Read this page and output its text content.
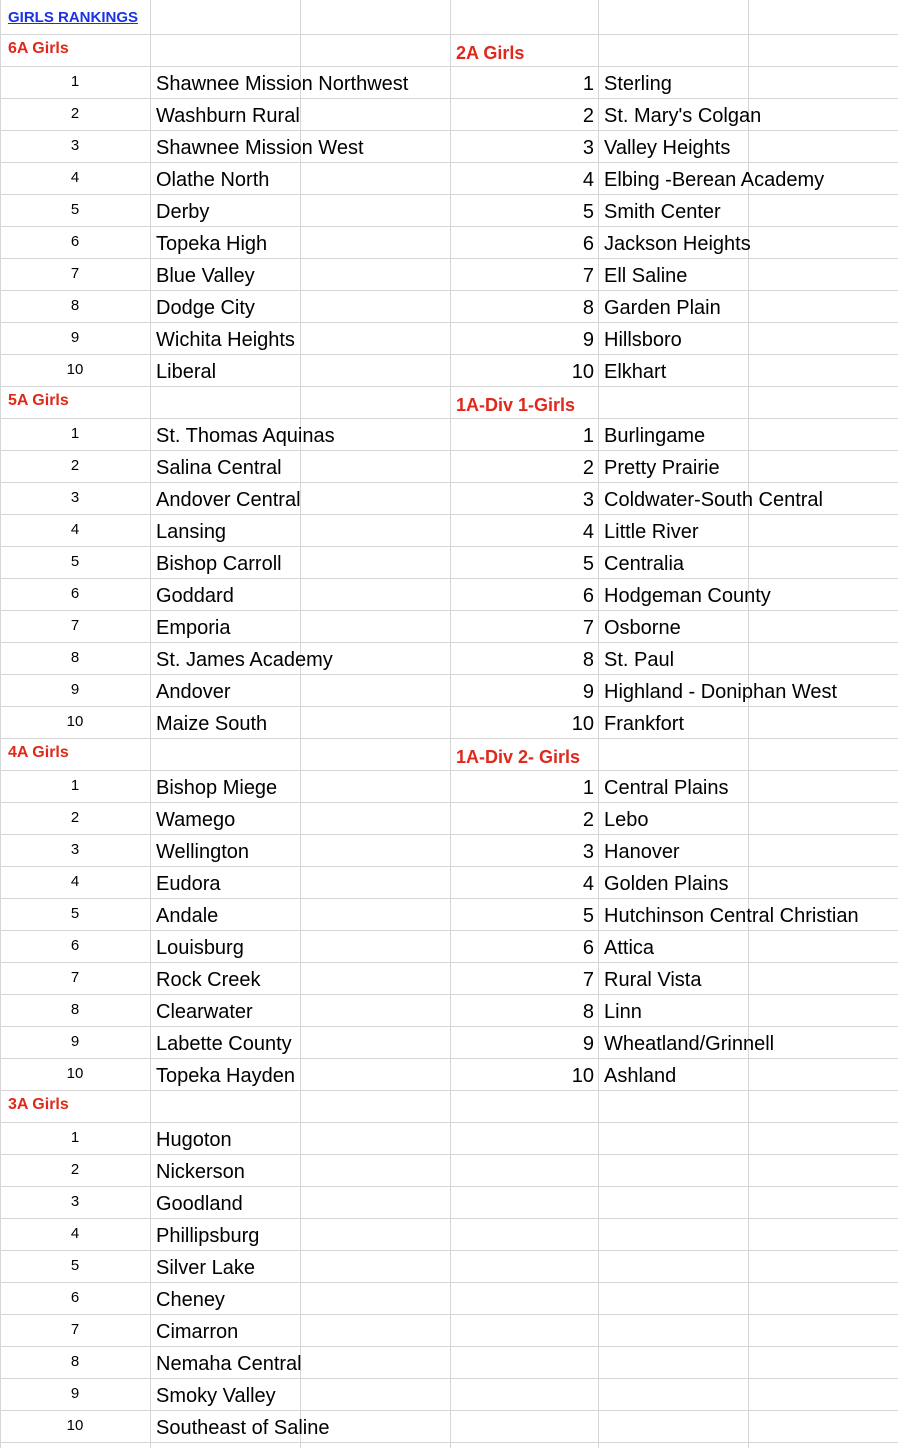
GIRLS RANKINGS
6A Girls
1	Shawnee Mission Northwest
2	Washburn Rural
3	Shawnee Mission West
4	Olathe North
5	Derby
6	Topeka High
7	Blue Valley
8	Dodge City
9	Wichita Heights
10	Liberal
5A Girls
1	St. Thomas Aquinas
2	Salina Central
3	Andover Central
4	Lansing
5	Bishop Carroll
6	Goddard
7	Emporia
8	St. James Academy
9	Andover
10	Maize South
4A Girls
1	Bishop Miege
2	Wamego
3	Wellington
4	Eudora
5	Andale
6	Louisburg
7	Rock Creek
8	Clearwater
9	Labette County
10	Topeka Hayden
3A Girls
1	Hugoton
2	Nickerson
3	Goodland
4	Phillipsburg
5	Silver Lake
6	Cheney
7	Cimarron
8	Nemaha Central
9	Smoky Valley
10	Southeast of Saline
2A Girls
1 Sterling
2 St. Mary's Colgan
3 Valley Heights
4 Elbing -Berean Academy
5 Smith Center
6 Jackson Heights
7 Ell Saline
8 Garden Plain
9 Hillsboro
10 Elkhart
1A-Div 1-Girls
1 Burlingame
2 Pretty Prairie
3 Coldwater-South Central
4 Little River
5 Centralia
6 Hodgeman County
7 Osborne
8 St. Paul
9 Highland - Doniphan West
10 Frankfort
1A-Div 2- Girls
1 Central Plains
2 Lebo
3 Hanover
4 Golden Plains
5 Hutchinson Central Christian
6 Attica
7 Rural Vista
8 Linn
9 Wheatland/Grinnell
10 Ashland
